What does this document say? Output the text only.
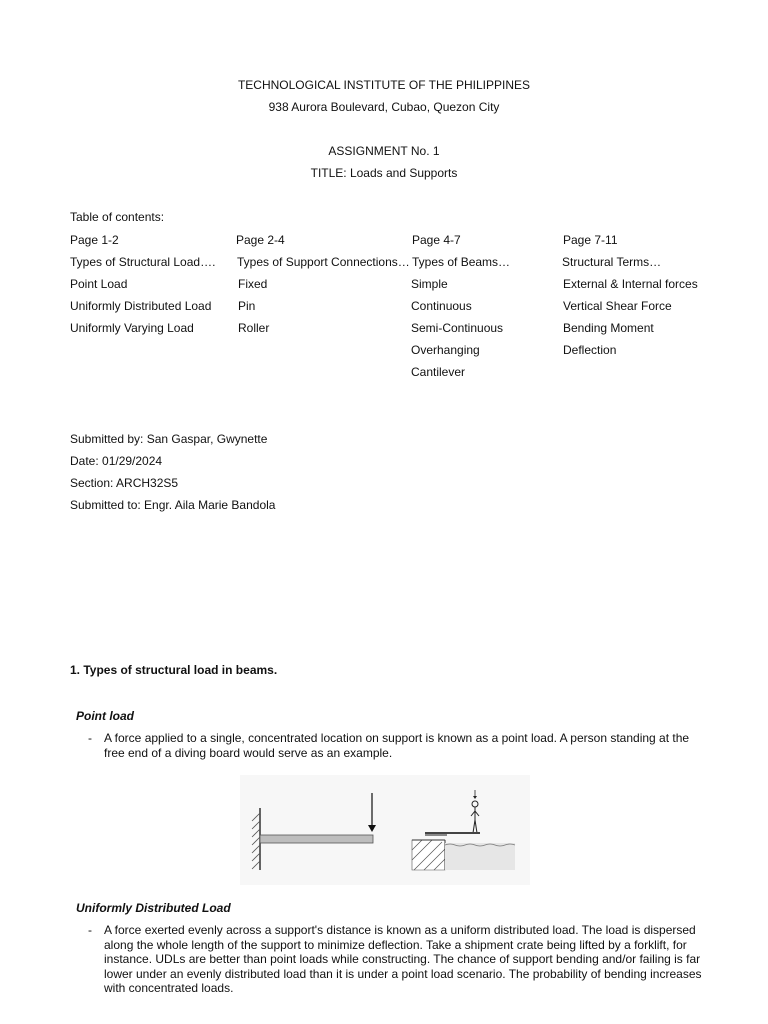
TECHNOLOGICAL INSTITUTE OF THE PHILIPPINES
938 Aurora Boulevard, Cubao, Quezon City
ASSIGNMENT No. 1
TITLE: Loads and Supports
Table of contents:
Page 1-2
Types of Structural Load….
Point Load
Uniformly Distributed Load
Uniformly Varying Load
Page 2-4
Types of Support Connections…
Fixed
Pin
Roller
Page 4-7
Types of Beams…
Simple
Continuous
Semi-Continuous
Overhanging
Cantilever
Page 7-11
Structural Terms…
External & Internal forces
Vertical Shear Force
Bending Moment
Deflection
Submitted by: San Gaspar, Gwynette
Date: 01/29/2024
Section: ARCH32S5
Submitted to: Engr. Aila Marie Bandola
1. Types of structural load in beams.
Point load
- A force applied to a single, concentrated location on support is known as a point load. A person standing at the free end of a diving board would serve as an example.
Uniformly Distributed Load
- A force exerted evenly across a support's distance is known as a uniform distributed load. The load is dispersed along the whole length of the support to minimize deflection. Take a shipment crate being lifted by a forklift, for instance. UDLs are better than point loads while constructing. The chance of support bending and/or failing is far lower under an evenly distributed load than it is under a point load scenario. The probability of bending increases with concentrated loads.
